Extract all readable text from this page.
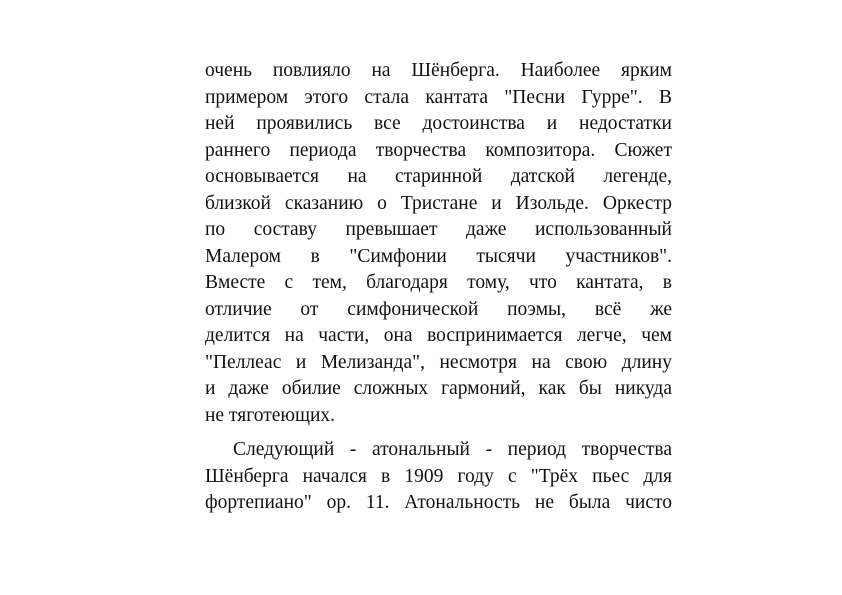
очень повлияло на Шёнберга. Наиболее ярким
примером этого стала кантата "Песни Гурре". В
ней проявились все достоинства и недостатки
раннего периода творчества композитора. Сюжет
основывается на старинной датской легенде,
близкой сказанию о Тристане и Изольде. Оркестр
по составу превышает даже использованный
Малером в "Симфонии тысячи участников".
Вместе с тем, благодаря тому, что кантата, в
отличие от симфонической поэмы, всё же
делится на части, она воспринимается легче, чем
"Пеллеас и Мелизанда", несмотря на свою длину
и даже обилие сложных гармоний, как бы никуда
не тяготеющих.
Следующий - атональный - период творчества
Шёнберга начался в 1909 году с "Трёх пьес для
фортепиано" ор. 11. Атональность не была чисто
